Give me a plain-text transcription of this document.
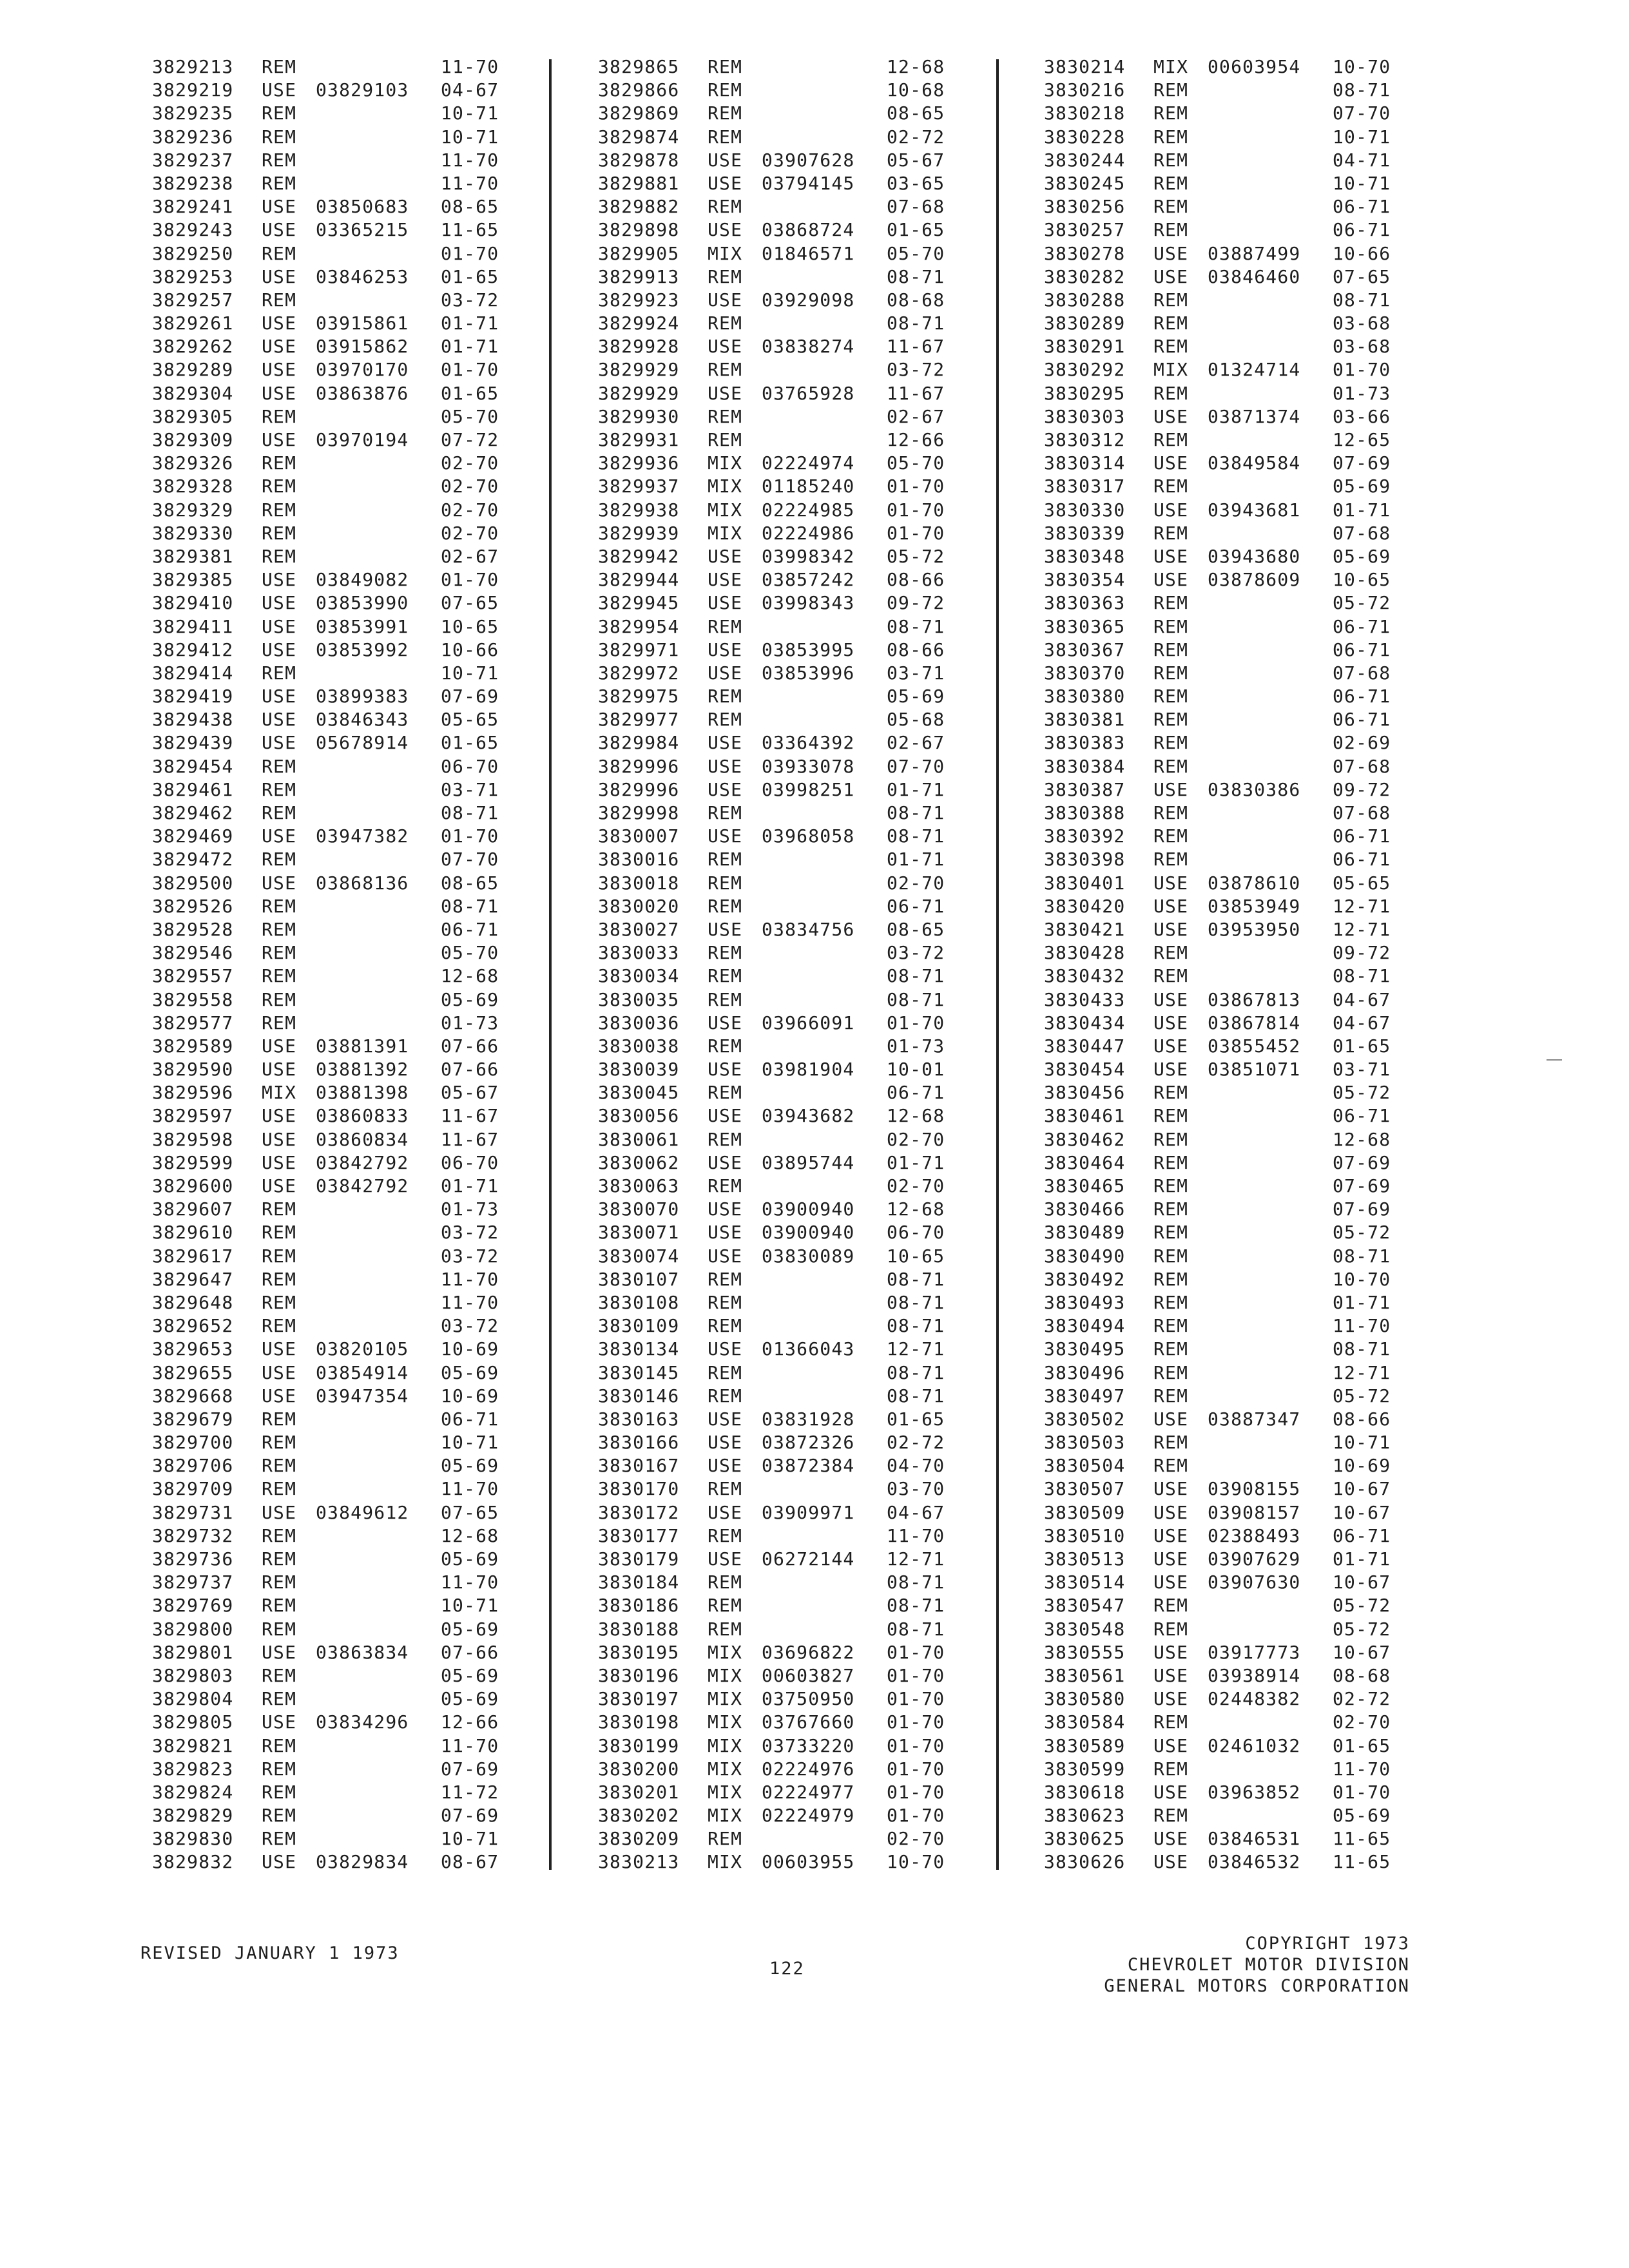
3829213 REM	11-70
3829219 USE 03829103 04-67
3829235 REM	10-71
3829236 REM	10-71
3829237 REM	11-70
3829238 REM	11-70
3829241 USE 03850683 08-65
3829243 USE 03365215 11-65
3829250 REM	01-70
3829253 USE 03846253 01-65
3829257 REM	03-72
3829261 USE 03915861 01-71
3829262 USE 03915862 01-71
3829289 USE 03970170 01-70
3829304 USE 03863876 01-65
3829305 REM	05-70
3829309 USE 03970194 07-72
3829326 REM	02-70
3829328 REM	02-70
3829329 REM	02-70
3829330 REM	02-70
3829381 REM	02-67
3829385 USE 03849082 01-70
3829410 USE 03853990 07-65
3829411 USE 03853991 10-65
3829412 USE 03853992 10-66
3829414 REM	10-71
3829419 USE 03899383 07-69
3829438 USE 03846343 05-65
3829439 USE 05678914 01-65
3829454 REM	06-70
3829461 REM	03-71
3829462 REM	08-71
3829469 USE 03947382 01-70
3829472 REM	07-70
3829500 USE 03868136 08-65
3829526 REM	08-71
3829528 REM	06-71
3829546 REM	05-70
3829557 REM	12-68
3829558 REM	05-69
3829577 REM	01-73
3829589 USE 03881391 07-66
3829590 USE 03881392 07-66
3829596 MIX 03881398 05-67
3829597 USE 03860833 11-67
3829598 USE 03860834 11-67
3829599 USE 03842792 06-70
3829600 USE 03842792 01-71
3829607 REM	01-73
3829610 REM	03-72
3829617 REM	03-72
3829647 REM	11-70
3829648 REM	11-70
3829652 REM	03-72
3829653 USE 03820105 10-69
3829655 USE 03854914 05-69
3829668 USE 03947354 10-69
3829679 REM	06-71
3829700 REM	10-71
3829706 REM	05-69
3829709 REM	11-70
3829731 USE 03849612 07-65
3829732 REM	12-68
3829736 REM	05-69
3829737 REM	11-70
3829769 REM	10-71
3829800 REM	05-69
3829801 USE 03863834 07-66
3829803 REM	05-69
3829804 REM	05-69
3829805 USE 03834296 12-66
3829821 REM	11-70
3829823 REM	07-69
3829824 REM	11-72
3829829 REM	07-69
3829830 REM	10-71
3829832 USE 03829834 08-67
3829865 REM	12-68
3829866 REM	10-68
3829869 REM	08-65
3829874 REM	02-72
3829878 USE 03907628 05-67
3829881 USE 03794145 03-65
3829882 REM	07-68
3829898 USE 03868724 01-65
3829905 MIX 01846571 05-70
3829913 REM	08-71
3829923 USE 03929098 08-68
3829924 REM	08-71
3829928 USE 03838274 11-67
3829929 REM	03-72
3829929 USE 03765928 11-67
3829930 REM	02-67
3829931 REM	12-66
3829936 MIX 02224974 05-70
3829937 MIX 01185240 01-70
3829938 MIX 02224985 01-70
3829939 MIX 02224986 01-70
3829942 USE 03998342 05-72
3829944 USE 03857242 08-66
3829945 USE 03998343 09-72
3829954 REM	08-71
3829971 USE 03853995 08-66
3829972 USE 03853996 03-71
3829975 REM	05-69
3829977 REM	05-68
3829984 USE 03364392 02-67
3829996 USE 03933078 07-70
3829996 USE 03998251 01-71
3829998 REM	08-71
3830007 USE 03968058 08-71
3830016 REM	01-71
3830018 REM	02-70
3830020 REM	06-71
3830027 USE 03834756 08-65
3830033 REM	03-72
3830034 REM	08-71
3830035 REM	08-71
3830036 USE 03966091 01-70
3830038 REM	01-73
3830039 USE 03981904 10-01
3830045 REM	06-71
3830056 USE 03943682 12-68
3830061 REM	02-70
3830062 USE 03895744 01-71
3830063 REM	02-70
3830070 USE 03900940 12-68
3830071 USE 03900940 06-70
3830074 USE 03830089 10-65
3830107 REM	08-71
3830108 REM	08-71
3830109 REM	08-71
3830134 USE 01366043 12-71
3830145 REM	08-71
3830146 REM	08-71
3830163 USE 03831928 01-65
3830166 USE 03872326 02-72
3830167 USE 03872384 04-70
3830170 REM	03-70
3830172 USE 03909971 04-67
3830177 REM	11-70
3830179 USE 06272144 12-71
3830184 REM	08-71
3830186 REM	08-71
3830188 REM	08-71
3830195 MIX 03696822 01-70
3830196 MIX 00603827 01-70
3830197 MIX 03750950 01-70
3830198 MIX 03767660 01-70
3830199 MIX 03733220 01-70
3830200 MIX 02224976 01-70
3830201 MIX 02224977 01-70
3830202 MIX 02224979 01-70
3830209 REM	02-70
3830213 MIX 00603955 10-70
3830214 MIX 00603954 10-70
3830216 REM	08-71
3830218 REM	07-70
3830228 REM	10-71
3830244 REM	04-71
3830245 REM	10-71
3830256 REM	06-71
3830257 REM	06-71
3830278 USE 03887499 10-66
3830282 USE 03846460 07-65
3830288 REM	08-71
3830289 REM	03-68
3830291 REM	03-68
3830292 MIX 01324714 01-70
3830295 REM	01-73
3830303 USE 03871374 03-66
3830312 REM	12-65
3830314 USE 03849584 07-69
3830317 REM	05-69
3830330 USE 03943681 01-71
3830339 REM	07-68
3830348 USE 03943680 05-69
3830354 USE 03878609 10-65
3830363 REM	05-72
3830365 REM	06-71
3830367 REM	06-71
3830370 REM	07-68
3830380 REM	06-71
3830381 REM	06-71
3830383 REM	02-69
3830384 REM	07-68
3830387 USE 03830386 09-72
3830388 REM	07-68
3830392 REM	06-71
3830398 REM	06-71
3830401 USE 03878610 05-65
3830420 USE 03853949 12-71
3830421 USE 03953950 12-71
3830428 REM	09-72
3830432 REM	08-71
3830433 USE 03867813 04-67
3830434 USE 03867814 04-67
3830447 USE 03855452 01-65
3830454 USE 03851071 03-71
3830456 REM	05-72
3830461 REM	06-71
3830462 REM	12-68
3830464 REM	07-69
3830465 REM	07-69
3830466 REM	07-69
3830489 REM	05-72
3830490 REM	08-71
3830492 REM	10-70
3830493 REM	01-71
3830494 REM	11-70
3830495 REM	08-71
3830496 REM	12-71
3830497 REM	05-72
3830502 USE 03887347 08-66
3830503 REM	10-71
3830504 REM	10-69
3830507 USE 03908155 10-67
3830509 USE 03908157 10-67
3830510 USE 02388493 06-71
3830513 USE 03907629 01-71
3830514 USE 03907630 10-67
3830547 REM	05-72
3830548 REM	05-72
3830555 USE 03917773 10-67
3830561 USE 03938914 08-68
3830580 USE 02448382 02-72
3830584 REM	02-70
3830589 USE 02461032 01-65
3830599 REM	11-70
3830618 USE 03963852 01-70
3830623 REM	05-69
3830625 USE 03846531 11-65
3830626 USE 03846532 11-65
REVISED JANUARY 1 1973
122
COPYRIGHT 1973
CHEVROLET MOTOR DIVISION
GENERAL MOTORS CORPORATION
